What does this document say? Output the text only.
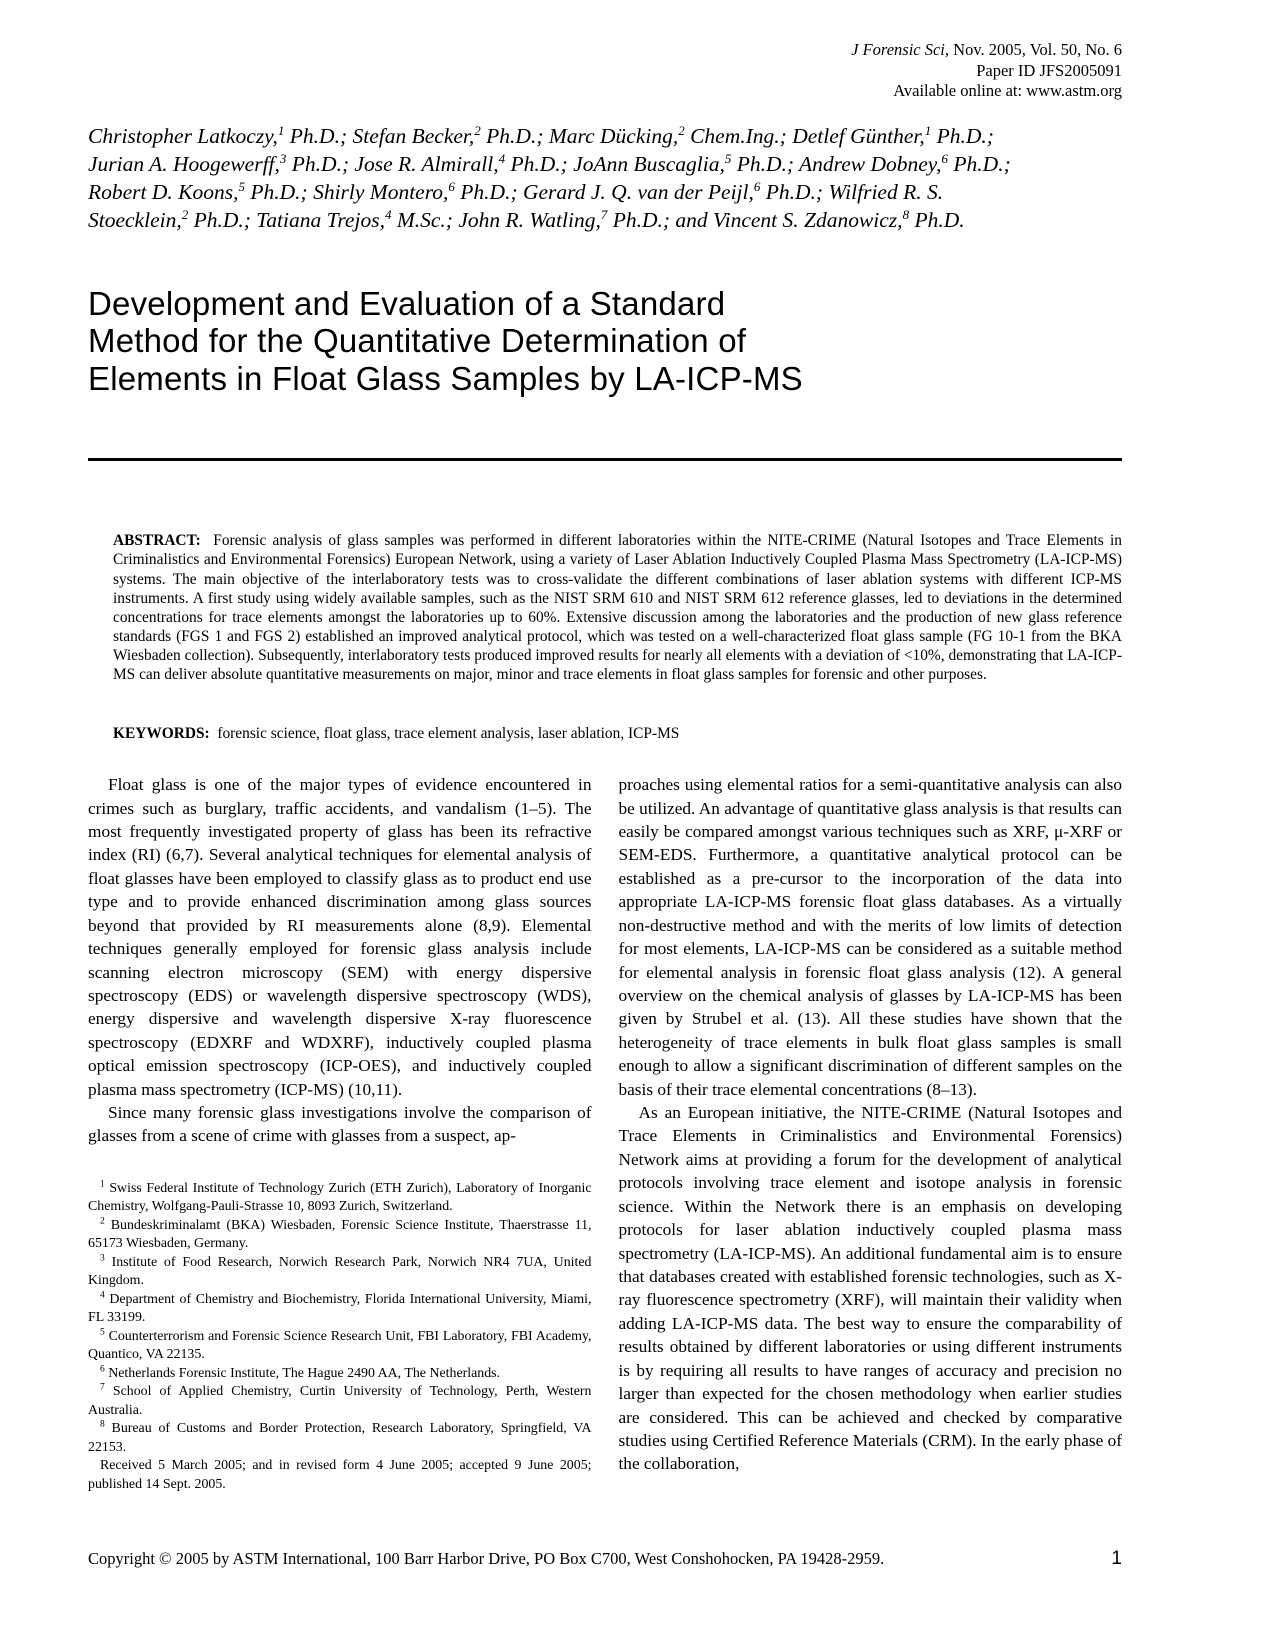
J Forensic Sci, Nov. 2005, Vol. 50, No. 6
Paper ID JFS2005091
Available online at: www.astm.org
Christopher Latkoczy,$^1$ Ph.D.; Stefan Becker,$^2$ Ph.D.; Marc Dücking,$^2$ Chem.Ing.; Detlef Günther,$^1$ Ph.D.;
Jurian A. Hoogewerff,$^3$ Ph.D.; Jose R. Almirall,$^4$ Ph.D.; JoAnn Buscaglia,$^5$ Ph.D.; Andrew Dobney,$^6$ Ph.D.;
Robert D. Koons,$^5$ Ph.D.; Shirly Montero,$^6$ Ph.D.; Gerard J. Q. van der Peijl,$^6$ Ph.D.; Wilfried R. S.
Stoecklein,$^2$ Ph.D.; Tatiana Trejos,$^4$ M.Sc.; John R. Watling,$^7$ Ph.D.; and Vincent S. Zdanowicz,$^8$ Ph.D.
Development and Evaluation of a Standard
Method for the Quantitative Determination of
Elements in Float Glass Samples by LA-ICP-MS

ABSTRACT: Forensic analysis of glass samples was performed in different laboratories within the NITE-CRIME (Natural Isotopes and Trace Elements in Criminalistics and Environmental Forensics) European Network, using a variety of Laser Ablation Inductively Coupled Plasma Mass Spectrometry (LA-ICP-MS) systems. The main objective of the interlaboratory tests was to cross-validate the different combinations of laser ablation systems with different ICP-MS instruments. A first study using widely available samples, such as the NIST SRM 610 and NIST SRM 612 reference glasses, led to deviations in the determined concentrations for trace elements amongst the laboratories up to 60%. Extensive discussion among the laboratories and the production of new glass reference standards (FGS 1 and FGS 2) established an improved analytical protocol, which was tested on a well-characterized float glass sample (FG 10-1 from the BKA Wiesbaden collection). Subsequently, interlaboratory tests produced improved results for nearly all elements with a deviation of <10%, demonstrating that LA-ICP-MS can deliver absolute quantitative measurements on major, minor and trace elements in float glass samples for forensic and other purposes.

KEYWORDS: forensic science, float glass, trace element analysis, laser ablation, ICP-MS

Float glass is one of the major types of evidence encountered in crimes such as burglary, traffic accidents, and vandalism (1–5). The most frequently investigated property of glass has been its refractive index (RI) (6,7). Several analytical techniques for elemental analysis of float glasses have been employed to classify glass as to product end use type and to provide enhanced discrimination among glass sources beyond that provided by RI measurements alone (8,9). Elemental techniques generally employed for forensic glass analysis include scanning electron microscopy (SEM) with energy dispersive spectroscopy (EDS) or wavelength dispersive spectroscopy (WDS), energy dispersive and wavelength dispersive X-ray fluorescence spectroscopy (EDXRF and WDXRF), inductively coupled plasma optical emission spectroscopy (ICP-OES), and inductively coupled plasma mass spectrometry (ICP-MS) (10,11).

Since many forensic glass investigations involve the comparison of glasses from a scene of crime with glasses from a suspect, ap-

$^1$ Swiss Federal Institute of Technology Zurich (ETH Zurich), Laboratory of Inorganic Chemistry, Wolfgang-Pauli-Strasse 10, 8093 Zurich, Switzerland.

$^2$ Bundeskriminalamt (BKA) Wiesbaden, Forensic Science Institute, Thaerstrasse 11, 65173 Wiesbaden, Germany.

$^3$ Institute of Food Research, Norwich Research Park, Norwich NR4 7UA, United Kingdom.

$^4$ Department of Chemistry and Biochemistry, Florida International University, Miami, FL 33199.

$^5$ Counterterrorism and Forensic Science Research Unit, FBI Laboratory, FBI Academy, Quantico, VA 22135.

$^6$ Netherlands Forensic Institute, The Hague 2490 AA, The Netherlands.

$^7$ School of Applied Chemistry, Curtin University of Technology, Perth, Western Australia.

$^8$ Bureau of Customs and Border Protection, Research Laboratory, Springfield, VA 22153.

Received 5 March 2005; and in revised form 4 June 2005; accepted 9 June 2005; published 14 Sept. 2005.

proaches using elemental ratios for a semi-quantitative analysis can also be utilized. An advantage of quantitative glass analysis is that results can easily be compared amongst various techniques such as XRF, μ-XRF or SEM-EDS. Furthermore, a quantitative analytical protocol can be established as a pre-cursor to the incorporation of the data into appropriate LA-ICP-MS forensic float glass databases. As a virtually non-destructive method and with the merits of low limits of detection for most elements, LA-ICP-MS can be considered as a suitable method for elemental analysis in forensic float glass analysis (12). A general overview on the chemical analysis of glasses by LA-ICP-MS has been given by Strubel et al. (13). All these studies have shown that the heterogeneity of trace elements in bulk float glass samples is small enough to allow a significant discrimination of different samples on the basis of their trace elemental concentrations (8–13).

As an European initiative, the NITE-CRIME (Natural Isotopes and Trace Elements in Criminalistics and Environmental Forensics) Network aims at providing a forum for the development of analytical protocols involving trace element and isotope analysis in forensic science. Within the Network there is an emphasis on developing protocols for laser ablation inductively coupled plasma mass spectrometry (LA-ICP-MS). An additional fundamental aim is to ensure that databases created with established forensic technologies, such as X-ray fluorescence spectrometry (XRF), will maintain their validity when adding LA-ICP-MS data. The best way to ensure the comparability of results obtained by different laboratories or using different instruments is by requiring all results to have ranges of accuracy and precision no larger than expected for the chosen methodology when earlier studies are considered. This can be achieved and checked by comparative studies using Certified Reference Materials (CRM). In the early phase of the collaboration,

Copyright © 2005 by ASTM International, 100 Barr Harbor Drive, PO Box C700, West Conshohocken, PA 19428-2959.	1
